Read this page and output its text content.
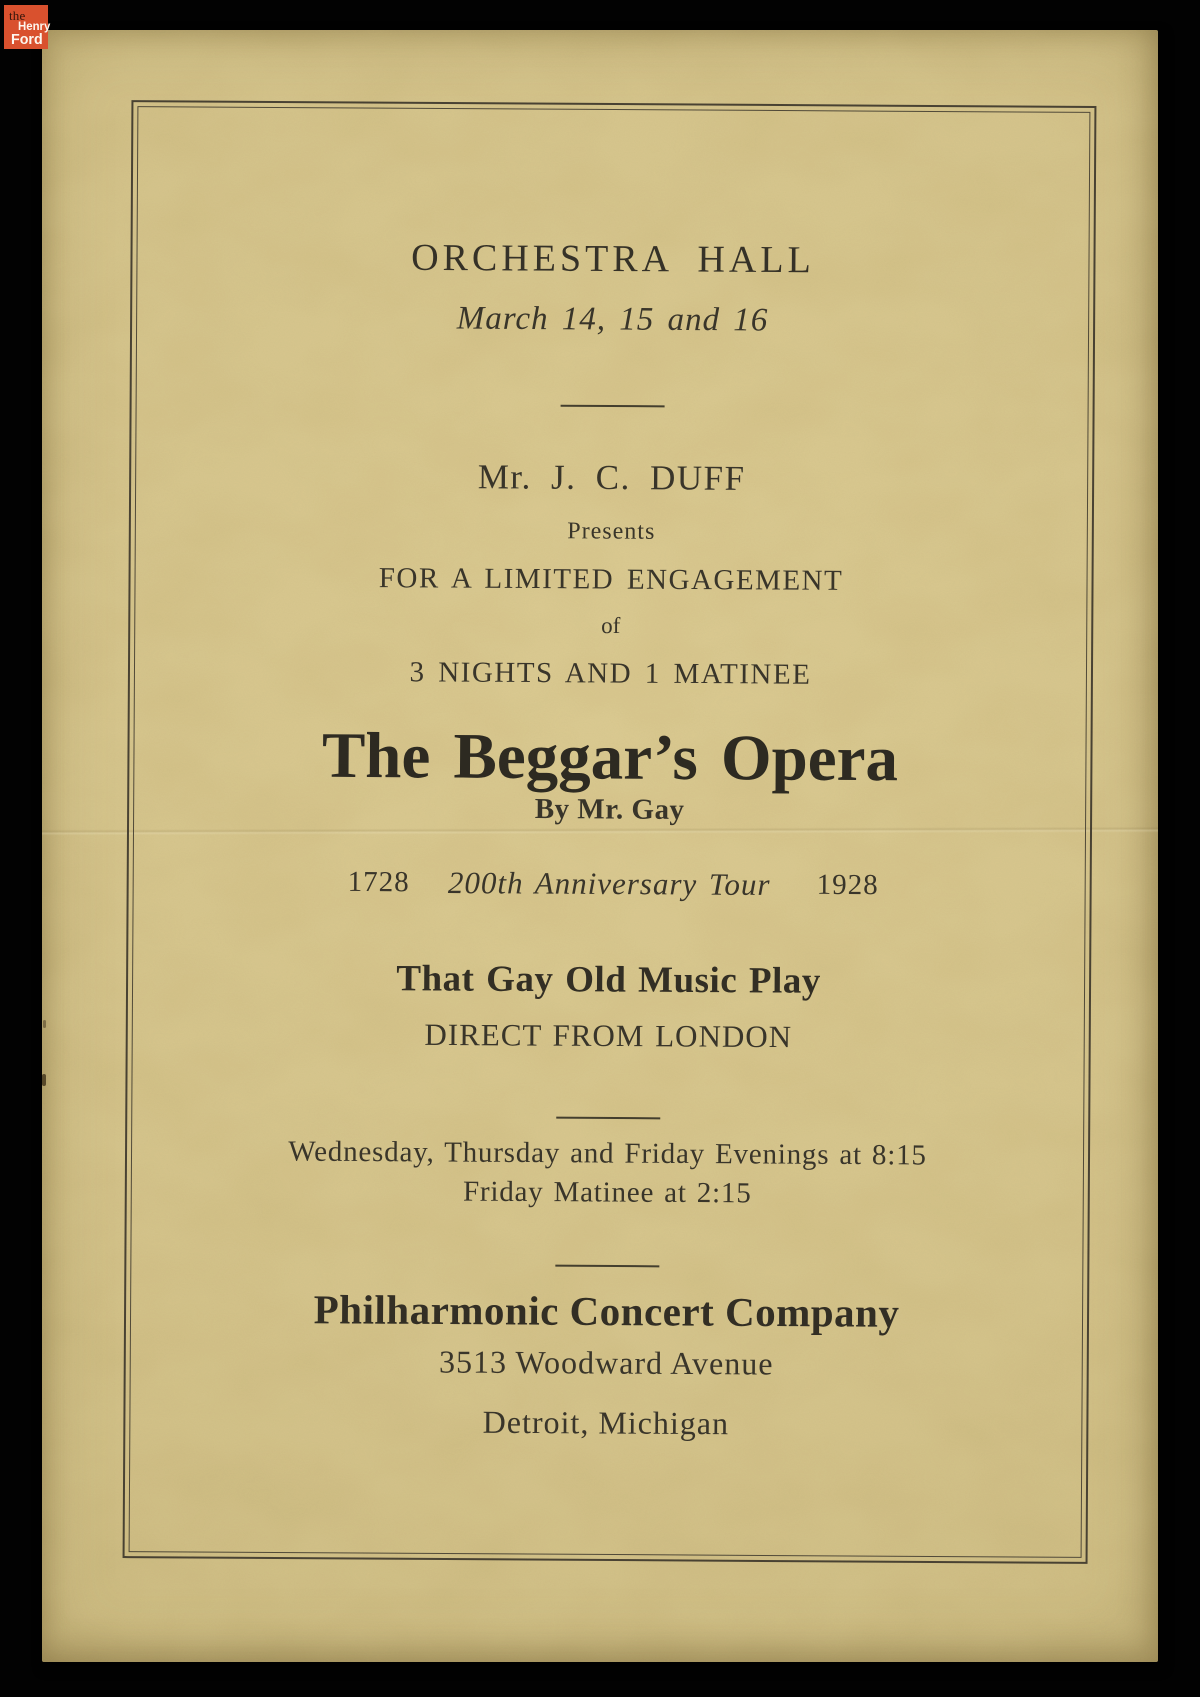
the
Henry
Ford
ORCHESTRA HALL
March 14, 15 and 16
Mr. J. C. DUFF
Presents
FOR A LIMITED ENGAGEMENT
of
3 NIGHTS AND 1 MATINEE
The Beggar’s Opera
By Mr. Gay
1728	200th Anniversary Tour	1928
That Gay Old Music Play
DIRECT FROM LONDON
Wednesday, Thursday and Friday Evenings at 8:15
Friday Matinee at 2:15
Philharmonic Concert Company
3513 Woodward Avenue
Detroit, Michigan
